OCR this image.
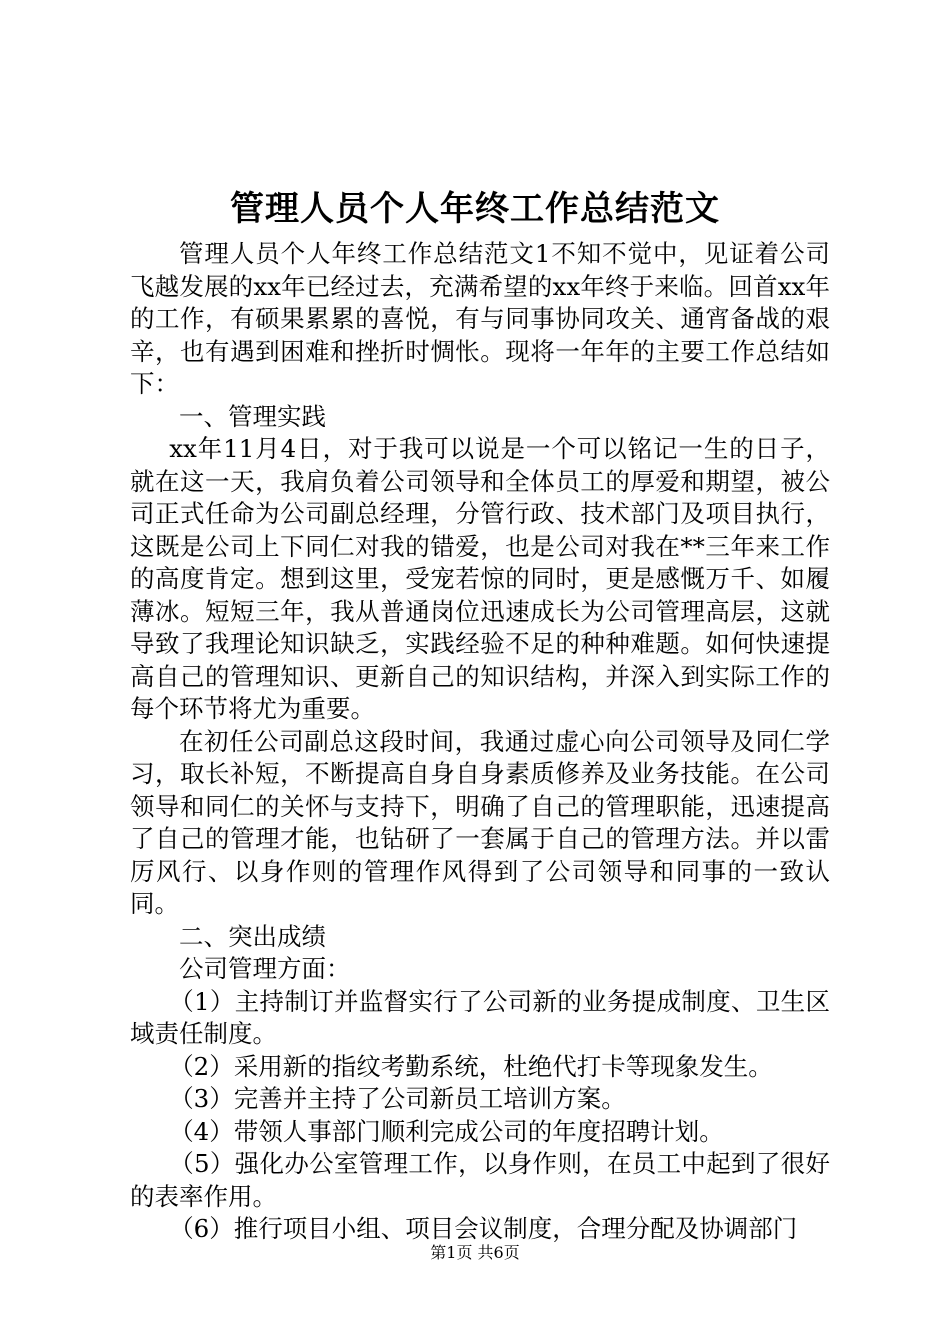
管理人员个人年终工作总结范文

管理人员个人年终工作总结范文1不知不觉中，见证着公司飞越发展的xx年已经过去，充满希望的xx年终于来临。回首xx年的工作，有硕果累累的喜悦，有与同事协同攻关、通宵备战的艰辛，也有遇到困难和挫折时惆怅。现将一年年的主要工作总结如下：

一、管理实践

xx年11月4日，对于我可以说是一个可以铭记一生的日子，就在这一天，我肩负着公司领导和全体员工的厚爱和期望，被公司正式任命为公司副总经理，分管行政、技术部门及项目执行，这既是公司上下同仁对我的错爱，也是公司对我在**三年来工作的高度肯定。想到这里，受宠若惊的同时，更是感慨万千、如履薄冰。短短三年，我从普通岗位迅速成长为公司管理高层，这就导致了我理论知识缺乏，实践经验不足的种种难题。如何快速提高自己的管理知识、更新自己的知识结构，并深入到实际工作的每个环节将尤为重要。

在初任公司副总这段时间，我通过虚心向公司领导及同仁学习，取长补短，不断提高自身自身素质修养及业务技能。在公司领导和同仁的关怀与支持下，明确了自己的管理职能，迅速提高了自己的管理才能，也钻研了一套属于自己的管理方法。并以雷厉风行、以身作则的管理作风得到了公司领导和同事的一致认同。

二、突出成绩

公司管理方面：

（1）主持制订并监督实行了公司新的业务提成制度、卫生区域责任制度。

（2）采用新的指纹考勤系统，杜绝代打卡等现象发生。

（3）完善并主持了公司新员工培训方案。

（4）带领人事部门顺利完成公司的年度招聘计划。

（5）强化办公室管理工作，以身作则，在员工中起到了很好的表率作用。

（6）推行项目小组、项目会议制度，合理分配及协调部门

第1页 共6页
